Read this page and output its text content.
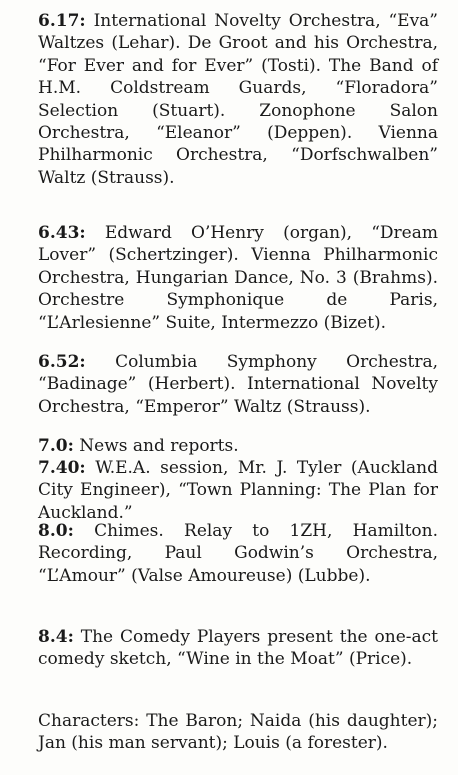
6.17: International Novelty Orchestra, “Eva” Waltzes (Lehar). De Groot and his Orchestra, “For Ever and for Ever” (Tosti). The Band of H.M. Coldstream Guards, “Floradora” Selection (Stuart). Zonophone Salon Orchestra, “Eleanor” (Deppen). Vienna Philharmonic Orchestra, “Dorfschwalben” Waltz (Strauss).
6.43: Edward O’Henry (organ), “Dream Lover” (Schertzinger). Vienna Philharmonic Orchestra, Hungarian Dance, No. 3 (Brahms). Orchestre Symphonique de Paris, “L’Arlesienne” Suite, Intermezzo (Bizet).
6.52: Columbia Symphony Orchestra, “Badinage” (Herbert). International Novelty Orchestra, “Emperor” Waltz (Strauss).
7.0: News and reports.
7.40: W.E.A. session, Mr. J. Tyler (Auckland City Engineer), “Town Planning: The Plan for Auckland.”
8.0: Chimes. Relay to 1ZH, Hamilton. Recording, Paul Godwin’s Orchestra, “L’Amour” (Valse Amoureuse) (Lubbe).
8.4: The Comedy Players present the one-act comedy sketch, “Wine in the Moat” (Price).
Characters: The Baron; Naida (his daughter); Jan (his man servant); Louis (a forester).
